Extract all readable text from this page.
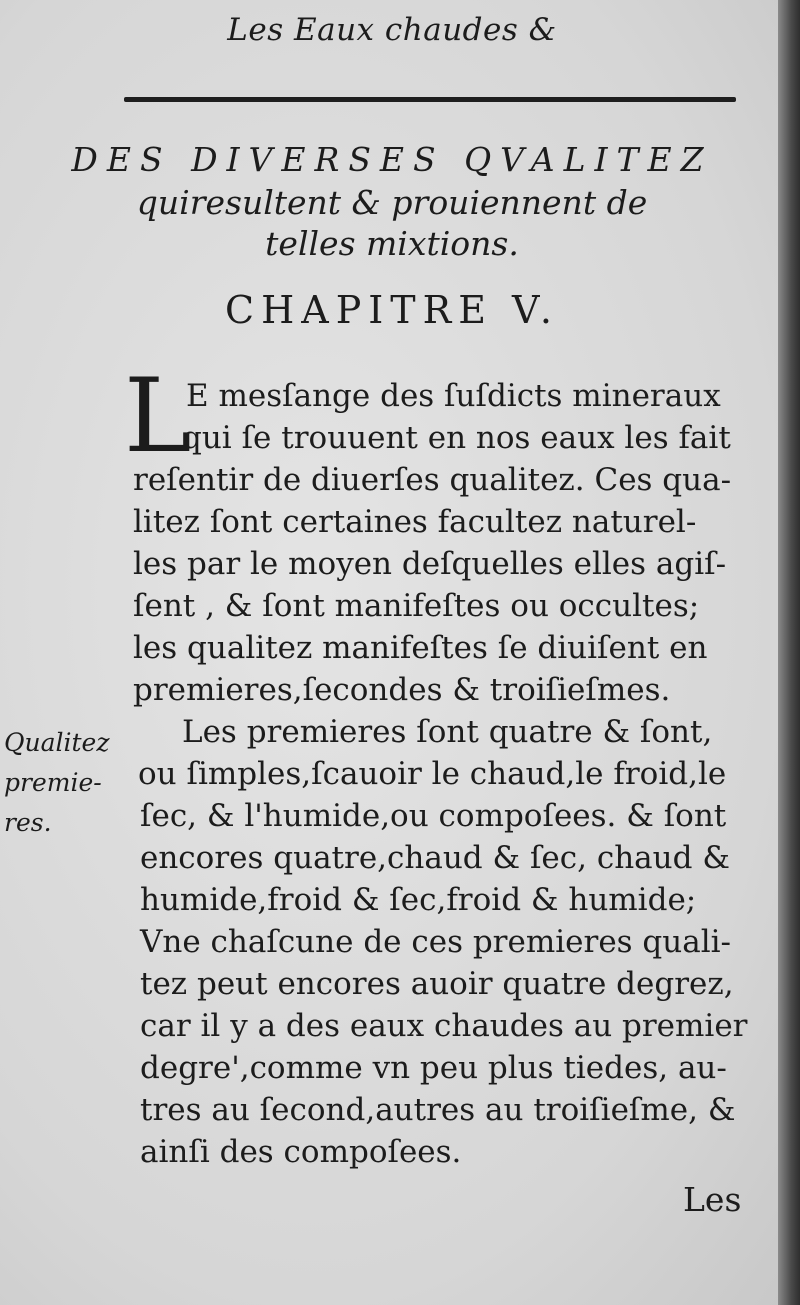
Les Eaux chaudes &
DES DIVERSES QVALITEZ
quiresultent & prouiennent de
telles mixtions.
CHAPITRE V.
L
E mesſange des ſuſdicts mineraux
qui ſe trouuent en nos eaux les fait
reſentir de diuerſes qualitez. Ces qua-
litez ſont certaines facultez naturel-
les par le moyen deſquelles elles agiſ-
ſent , & ſont manifeſtes ou occultes;
les qualitez manifeſtes ſe diuiſent en
premieres,ſecondes & troiſieſmes.
Les premieres ſont quatre & ſont,
ou ſimples,ſcauoir le chaud,le froid,le
ſec, & l'humide,ou compoſees. & ſont
encores quatre,chaud & ſec, chaud &
humide,froid & ſec,froid & humide;
Vne chaſcune de ces premieres quali-
tez peut encores auoir quatre degrez,
car il y a des eaux chaudes au premier
degre',comme vn peu plus tiedes, au-
tres au ſecond,autres au troiſieſme, &
ainſi des compoſees.
Qualitez
premie-
res.
Les
